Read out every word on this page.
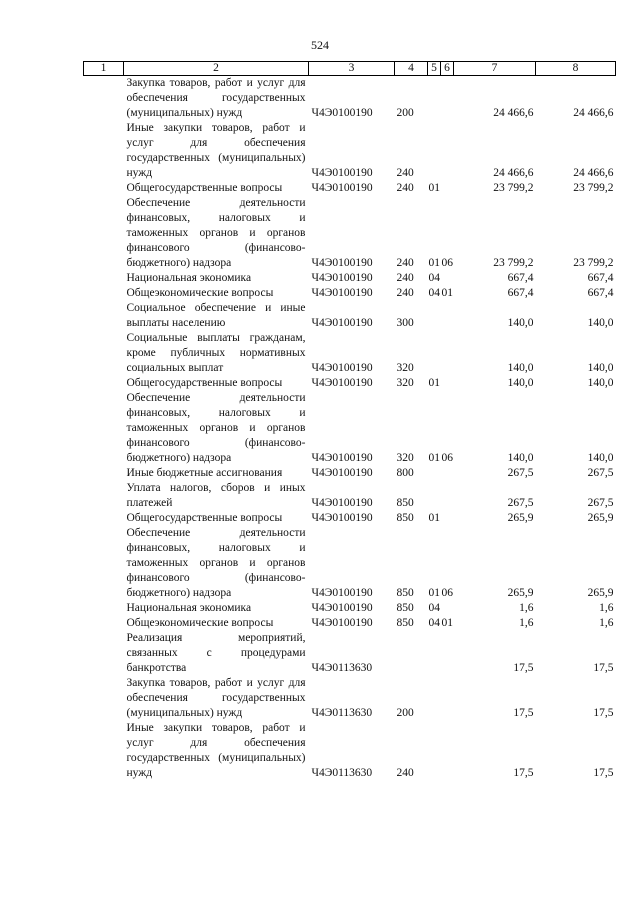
524
1	2	3	4	5	6	7	8
	Закупка товаров, работ и услуг для обеспечения государственных (муниципальных) нужд	Ч4Э0100190	200			24 466,6	24 466,6
	Иные закупки товаров, работ и услуг для обеспечения государственных (муниципальных) нужд	Ч4Э0100190	240			24 466,6	24 466,6
	Общегосударственные вопросы	Ч4Э0100190	240	01		23 799,2	23 799,2
	Обеспечение деятельности финансовых, налоговых и таможенных органов и органов финансового (финансово-бюджетного) надзора	Ч4Э0100190	240	01	06	23 799,2	23 799,2
	Национальная экономика	Ч4Э0100190	240	04		667,4	667,4
	Общеэкономические вопросы	Ч4Э0100190	240	04	01	667,4	667,4
	Социальное обеспечение и иные выплаты населению	Ч4Э0100190	300			140,0	140,0
	Социальные выплаты гражданам, кроме публичных нормативных социальных выплат	Ч4Э0100190	320			140,0	140,0
	Общегосударственные вопросы	Ч4Э0100190	320	01		140,0	140,0
	Обеспечение деятельности финансовых, налоговых и таможенных органов и органов финансового (финансово-бюджетного) надзора	Ч4Э0100190	320	01	06	140,0	140,0
	Иные бюджетные ассигнования	Ч4Э0100190	800			267,5	267,5
	Уплата налогов, сборов и иных платежей	Ч4Э0100190	850			267,5	267,5
	Общегосударственные вопросы	Ч4Э0100190	850	01		265,9	265,9
	Обеспечение деятельности финансовых, налоговых и таможенных органов и органов финансового (финансово-бюджетного) надзора	Ч4Э0100190	850	01	06	265,9	265,9
	Национальная экономика	Ч4Э0100190	850	04		1,6	1,6
	Общеэкономические вопросы	Ч4Э0100190	850	04	01	1,6	1,6
	Реализация мероприятий, связанных с процедурами банкротства	Ч4Э0113630				17,5	17,5
	Закупка товаров, работ и услуг для обеспечения государственных (муниципальных) нужд	Ч4Э0113630	200			17,5	17,5
	Иные закупки товаров, работ и услуг для обеспечения государственных (муниципальных) нужд	Ч4Э0113630	240			17,5	17,5
